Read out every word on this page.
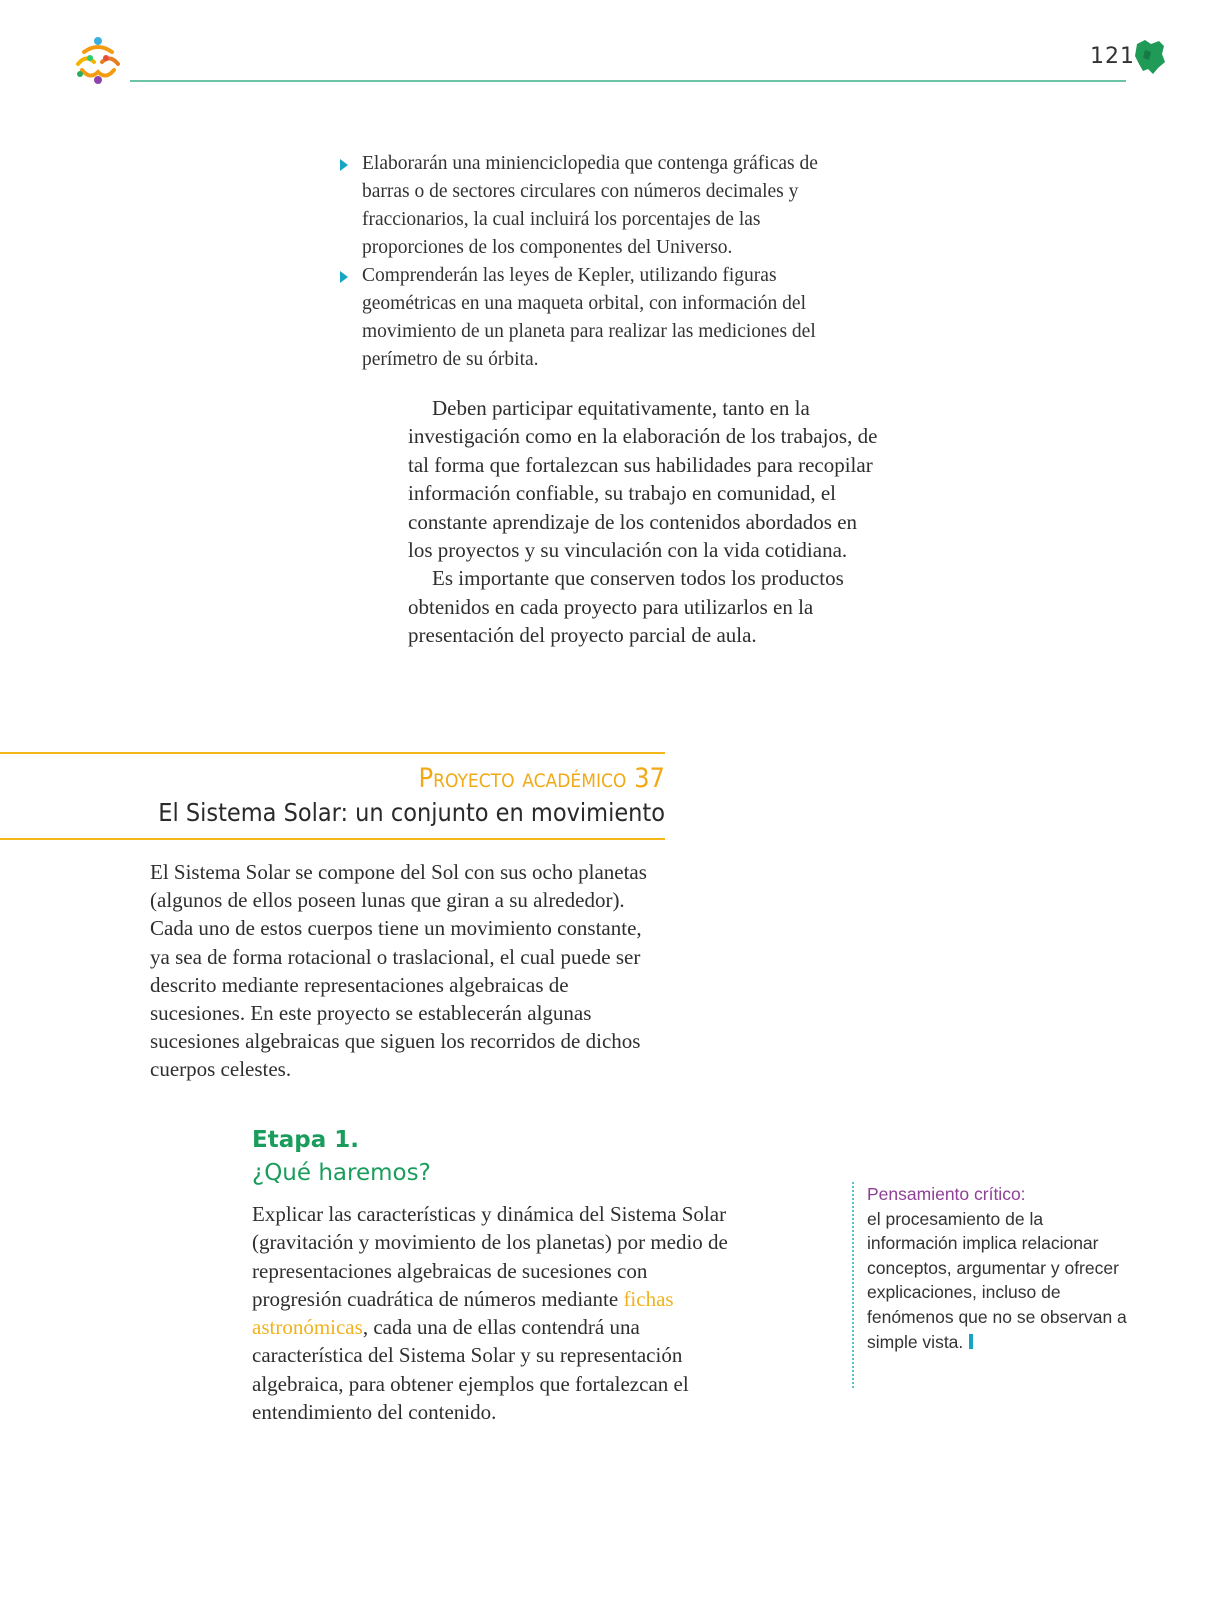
121
Elaborarán una minienciclopedia que contenga gráficas de barras o de sectores circulares con números decimales y fraccionarios, la cual incluirá los porcentajes de las proporciones de los componentes del Universo.
Comprenderán las leyes de Kepler, utilizando figuras geométricas en una maqueta orbital, con información del movimiento de un planeta para realizar las mediciones del perímetro de su órbita.

Deben participar equitativamente, tanto en la investigación como en la elaboración de los trabajos, de tal forma que fortalezcan sus habilidades para recopilar información confiable, su trabajo en comunidad, el constante aprendizaje de los contenidos abordados en los proyectos y su vinculación con la vida cotidiana.

Es importante que conserven todos los productos obtenidos en cada proyecto para utilizarlos en la presentación del proyecto parcial de aula.

Proyecto académico 37
El Sistema Solar: un conjunto en movimiento

El Sistema Solar se compone del Sol con sus ocho planetas (algunos de ellos poseen lunas que giran a su alrededor). Cada uno de estos cuerpos tiene un movimiento constante, ya sea de forma rotacional o traslacional, el cual puede ser descrito mediante representaciones algebraicas de sucesiones. En este proyecto se establecerán algunas sucesiones algebraicas que siguen los recorridos de dichos cuerpos celestes.

Etapa 1.
¿Qué haremos?

Explicar las características y dinámica del Sistema Solar (gravitación y movimiento de los planetas) por medio de representaciones algebraicas de sucesiones con progresión cuadrática de números mediante fichas astronómicas, cada una de ellas contendrá una característica del Sistema Solar y su representación algebraica, para obtener ejemplos que fortalezcan el entendimiento del contenido.

Pensamiento crítico:
el procesamiento de la información implica relacionar conceptos, argumentar y ofrecer explicaciones, incluso de fenómenos que no se observan a simple vista.
